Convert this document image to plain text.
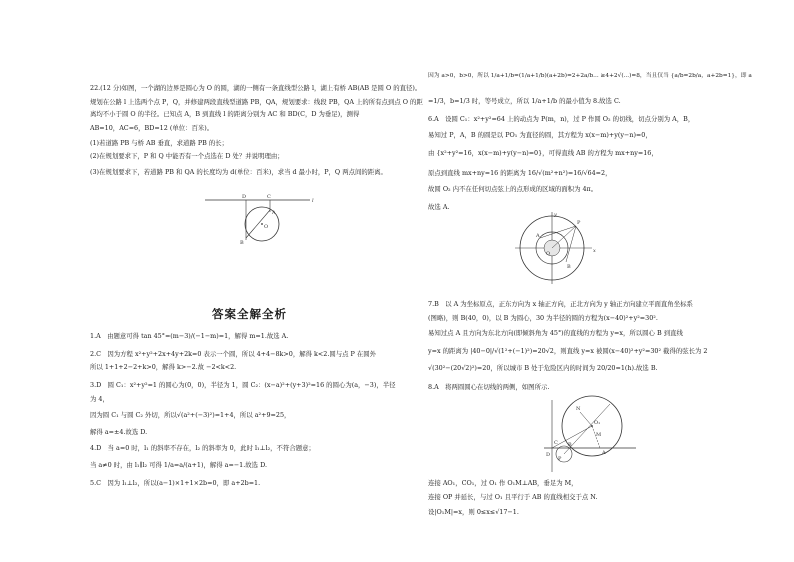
22.(12 分)如图，一个湖的边界是圆心为 O 的圆，湖的一侧有一条直线型公路 l，湖上有桥 AB(AB 是圆 O 的直径)。
规划在公路 l 上选两个点 P，Q，并修建两段直线型道路 PB，QA，规划要求：线段 PB，QA 上的所有点到点 O 的距
离均不小于圆 O 的半径。已知点 A，B 到直线 l 的距离分别为 AC 和 BD(C，D 为垂足)，测得
AB=10，AC=6，BD=12 (单位：百米)。
(1)若道路 PB 与桥 AB 垂直，求道路 PB 的长；
(2)在规划要求下，P 和 Q 中能否有一个点选在 D 处？并说明理由；
(3)在规划要求下，若道路 PB 和 QA 的长度均为 d(单位：百米)，求当 d 最小时，P，Q 两点间的距离。
D	C
l
O
A
B
答案全解全析
1.A　由题意可得 tan 45°=(m−3)/(−1−m)=1，解得 m=1.故选 A.
2.C　因为方程 x²+y²+2x+4y+2k=0 表示一个圆，所以 4+4−8k>0，解得 k<2.圆与点 P 在圆外
所以 1+1+2−2+k>0，解得 k>−2.故 −2<k<2.
3.D　圆 C₁：x²+y²=1 的圆心为(0，0)，半径为 1，圆 C₂：(x−a)²+(y+3)²=16 的圆心为(a，−3)，半径
为 4，
因为圆 C₁ 与圆 C₂ 外切，所以√(a²+(−3)²)=1+4，所以 a²+9=25，
解得 a=±4.故选 D.
4.D　当 a=0 时，l₁ 的斜率不存在，l₂ 的斜率为 0，此时 l₁⊥l₂，不符合题意；
当 a≠0 时，由 l₁∥l₂ 可得 1/a=a/(a+1)，解得 a=−1.故选 D.
5.C　因为 l₁⊥l₂，所以(a−1)×1+1×2b=0，即 a+2b=1.
因为 a>0，b>0，所以 1/a+1/b=(1/a+1/b)(a+2b)=2+2a/b... ≥4+2√(...)=8，当且仅当 {a/b=2b/a，a+2b=1}，即 a
=1/3，b=1/3 时，等号成立，所以 1/a+1/b 的最小值为 8.故选 C.
6.A　设圆 C₁：x²+y²=64 上的动点为 P(m，n)，过 P 作圆 O₂ 的切线，切点分别为 A，B，
易知过 P，A，B 的圆是以 PO₁ 为直径的圆，其方程为 x(x−m)+y(y−n)=0，
由 {x²+y²=16，x(x−m)+y(y−n)=0}，可得直线 AB 的方程为 mx+ny=16，
原点到直线 mx+ny=16 的距离为 16/√(m²+n²)=16/√64=2，
故圆 O₂ 内不在任何切点弦上的点形成的区域的面积为 4π。
故选 A.
y
x
O
P
A
B
7.B　以 A 为坐标原点，正东方向为 x 轴正方向，正北方向为 y 轴正方向建立平面直角坐标系
(图略)，则 B(40，0)，以 B 为圆心，30 为半径的圆的方程为(x−40)²+y²=30².
易知过点 A 且方向为东北方向(即倾斜角为 45°)的直线的方程为 y=x，所以圆心 B 到直线
y=x 的距离为 |40−0|/√(1²+(−1)²)=20√2，则直线 y=x 被圆(x−40)²+y²=30² 截得的弦长为 2
√(30²−(20√2)²)=20，所以城市 B 处于危险区内的时间为 20/20=1(h).故选 B.
8.A　将两圆圆心在切线的两侧，如图所示.
O₁
M
N
A
B
C
P
D
连接 AO₁，CO₁，过 O₁ 作 O₁M⊥AB，垂足为 M，
连接 OP 并延长，与过 O₁ 且平行于 AB 的直线相交于点 N.
设|O₁M|=x，则 0≤x≤√17−1.
